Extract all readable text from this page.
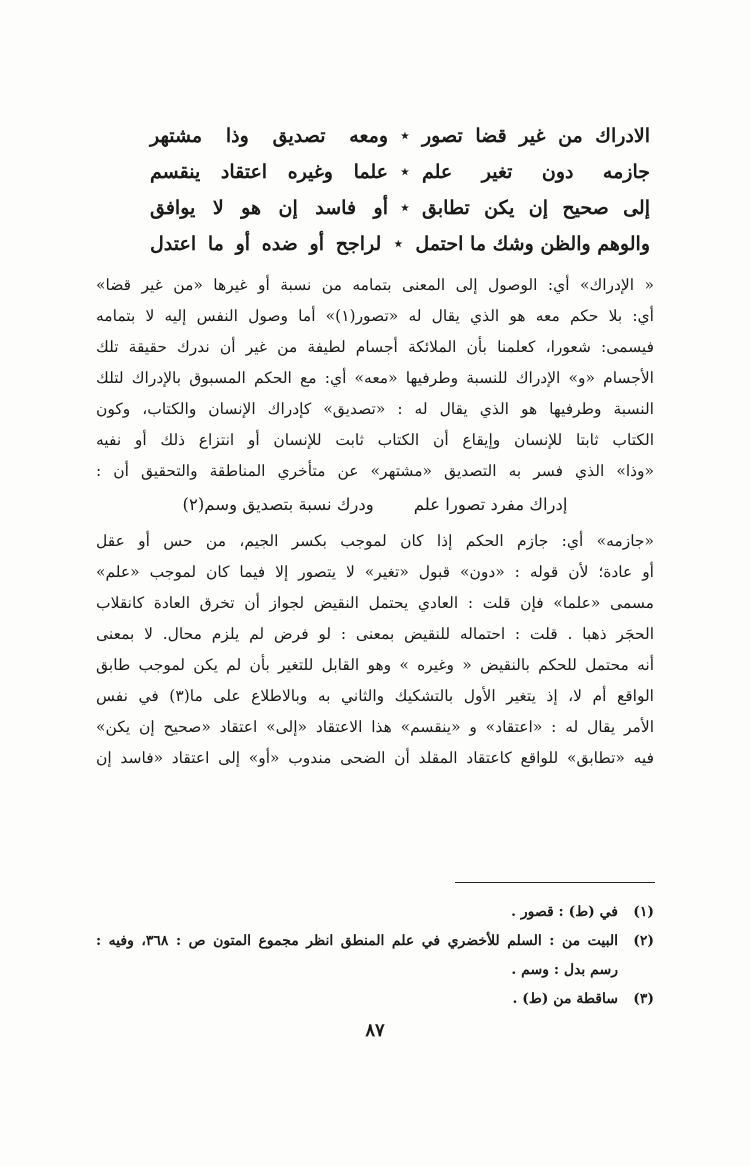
الادراك من غير قضا تصور
٭
ومعه تصديق وذا مشتهر
جازمه دون تغير علم
٭
علما وغيره اعتقاد ينقسم
إلى صحيح إن يكن تطابق
٭
أو فاسد إن هو لا يوافق
والوهم والظن وشك ما احتمل
٭
لراجح أو ضده أو ما اعتدل

« الإدراك» أي: الوصول إلى المعنى بتمامه من نسبة أو غيرها «من غير قضا»

أي: بلا حكم معه هو الذي يقال له «تصور(١)» أما وصول النفس إليه لا بتمامه

فيسمى: شعورا، كعلمنا بأن الملائكة أجسام لطيفة من غير أن ندرك حقيقة تلك

الأجسام «و» الإدراك للنسبة وطرفيها «معه» أي: مع الحكم المسبوق بالإدراك لتلك

النسبة وطرفيها هو الذي يقال له : «تصديق» كإدراك الإنسان والكتاب، وكون

الكتاب ثابتا للإنسان وإيقاع أن الكتاب ثابت للإنسان أو انتزاع ذلك أو نفيه

«وذا» الذي فسر به التصديق «مشتهر» عن متأخري المناطقة والتحقيق أن :

إدراك مفرد تصورا علم
ودرك نسبة بتصديق وسم(٢)

«جازمه» أي: جازم الحكم إذا كان لموجب بكسر الجيم، من حس أو عقل

أو عادة؛ لأن قوله : «دون» قبول «تغير» لا يتصور إلا فيما كان لموجب «علم»

مسمى «علما» فإن قلت : العادي يحتمل النقيض لجواز أن تخرق العادة كانقلاب

الحجَر ذهبا . قلت : احتماله للنقيض بمعنى : لو فرض لم يلزم محال. لا بمعنى

أنه محتمل للحكم بالنقيض « وغيره » وهو القابل للتغير بأن لم يكن لموجب طابق

الواقع أم لا، إذ يتغير الأول بالتشكيك والثاني به وبالاطلاع على ما(٣) في نفس

الأمر يقال له : «اعتقاد» و «ينقسم» هذا الاعتقاد «إلى» اعتقاد «صحيح إن يكن»

فيه «تطابق» للواقع كاعتقاد المقلد أن الضحى مندوب «أو» إلى اعتقاد «فاسد إن

(١)
في (ط) : قصور .
(٢)
البيت من : السلم للأخضري في علم المنطق انظر مجموع المتون ص : ٣٦٨، وفيه :
رسم بدل : وسم .
(٣)
ساقطة من (ط) .
٨٧
